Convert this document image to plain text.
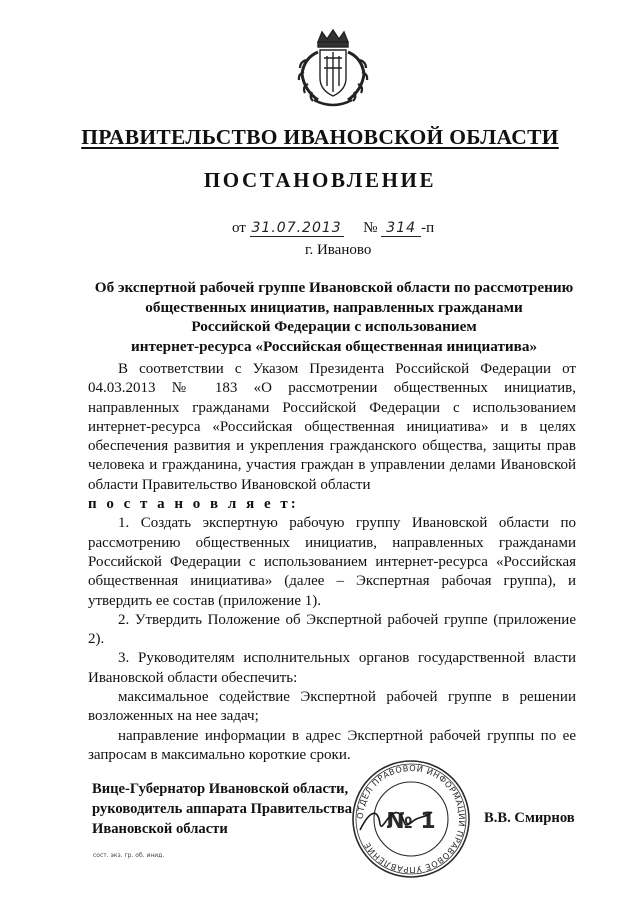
ПРАВИТЕЛЬСТВО ИВАНОВСКОЙ ОБЛАСТИ
ПОСТАНОВЛЕНИЕ
от 31.07.2013 № 314 -п
г. Иваново
Об экспертной рабочей группе Ивановской области по рассмотрению
общественных инициатив, направленных гражданами
Российской Федерации с использованием
интернет-ресурса «Российская общественная инициатива»

В соответствии с Указом Президента Российской Федерации от 04.03.2013 № 183 «О рассмотрении общественных инициатив, направленных гражданами Российской Федерации с использованием интернет-ресурса «Российская общественная инициатива» и в целях обеспечения развития и укрепления гражданского общества, защиты прав человека и гражданина, участия граждан в управлении делами Ивановской области Правительство Ивановской области

п о с т а н о в л я е т:

1. Создать экспертную рабочую группу Ивановской области по рассмотрению общественных инициатив, направленных гражданами Российской Федерации с использованием интернет-ресурса «Российская общественная инициатива» (далее – Экспертная рабочая группа), и утвердить ее состав (приложение 1).

2. Утвердить Положение об Экспертной рабочей группе (приложение 2).

3. Руководителям исполнительных органов государственной власти Ивановской области обеспечить:

максимальное содействие Экспертной рабочей группе в решении возложенных на нее задач;

направление информации в адрес Экспертной рабочей группы по ее запросам в максимально короткие сроки.

Вице-Губернатор Ивановской области,
руководитель аппарата Правительства
Ивановской области
ОТДЕЛ ПРАВОВОЙ ИНФОРМАЦИИ ПРАВОВОЕ УПРАВЛЕНИЕ
№ 1	В.В. Смирнов
сост. экз. гр. об. инид.
